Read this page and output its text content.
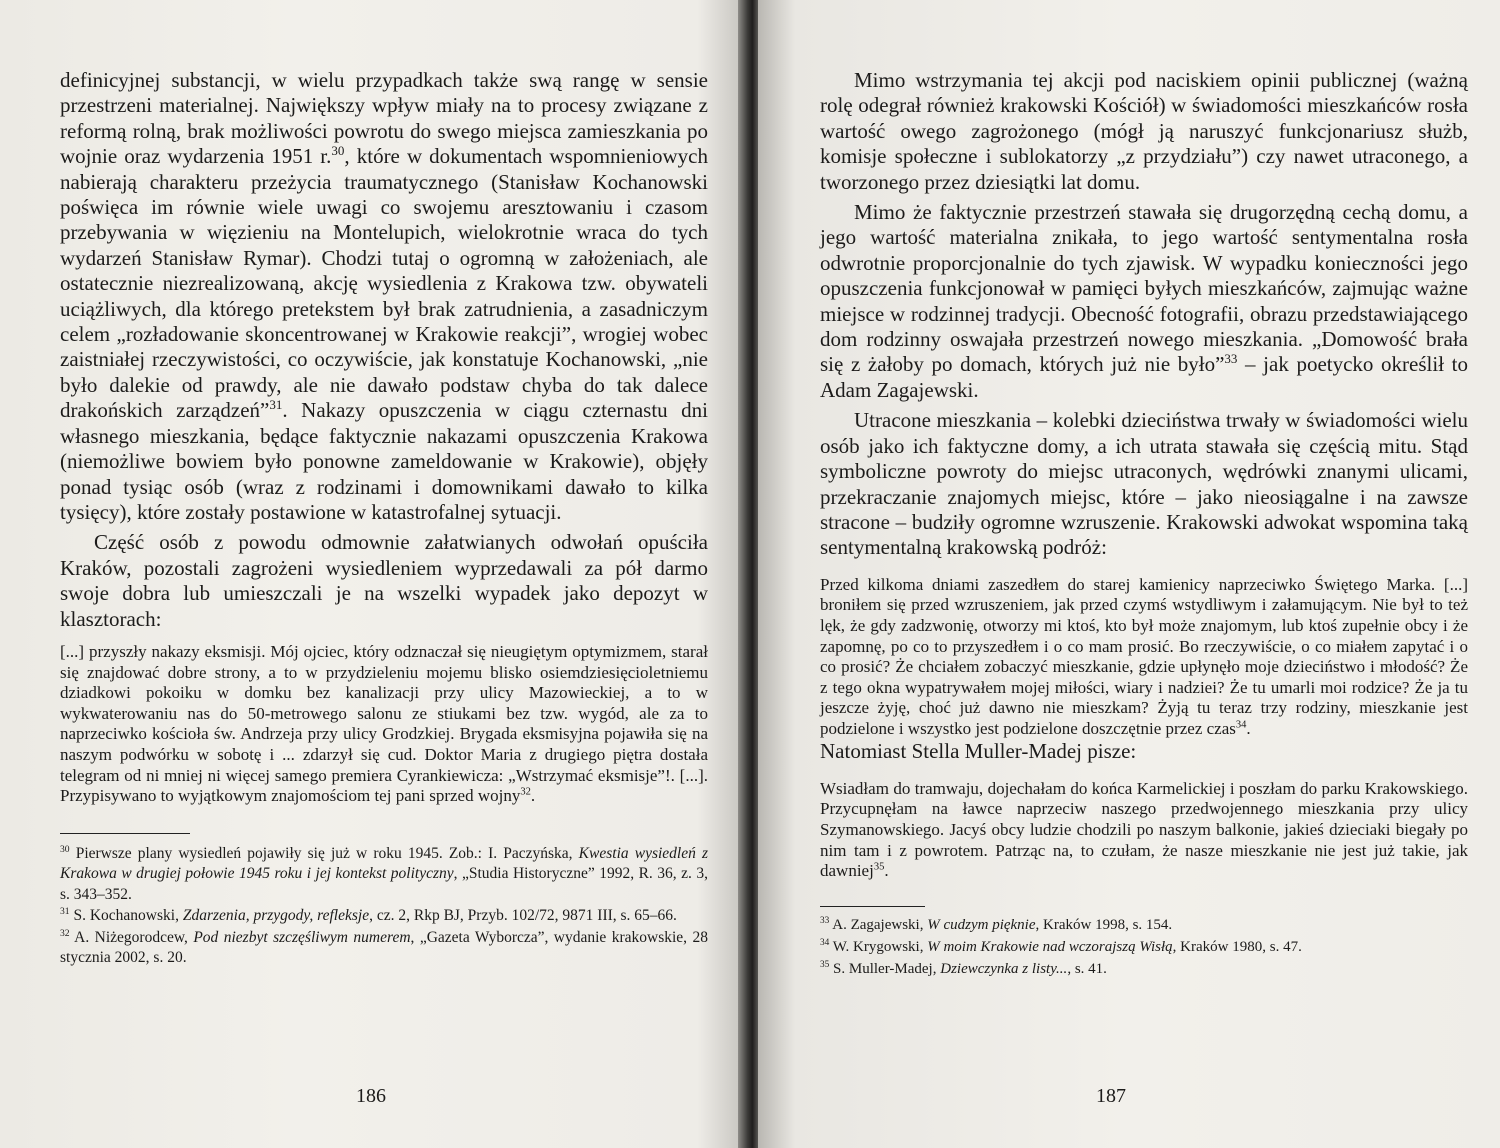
definicyjnej substancji, w wielu przypadkach także swą rangę w sensie przestrzeni materialnej. Największy wpływ miały na to procesy związane z reformą rolną, brak możliwości powrotu do swego miejsca zamieszkania po wojnie oraz wydarzenia 1951 r.$^{30}$, które w dokumentach wspomnieniowych nabierają charakteru przeżycia traumatycznego (Stanisław Kochanowski poświęca im równie wiele uwagi co swojemu aresztowaniu i czasom przebywania w więzieniu na Montelupich, wielokrotnie wraca do tych wydarzeń Stanisław Rymar). Chodzi tutaj o ogromną w założeniach, ale ostatecznie niezrealizowaną, akcję wysiedlenia z Krakowa tzw. obywateli uciążliwych, dla którego pretekstem był brak zatrudnienia, a zasadniczym celem „rozładowanie skoncentrowanej w Krakowie reakcji”, wrogiej wobec zaistniałej rzeczywistości, co oczywiście, jak konstatuje Kochanowski, „nie było dalekie od prawdy, ale nie dawało podstaw chyba do tak dalece drakońskich zarządzeń”$^{31}$. Nakazy opuszczenia w ciągu czternastu dni własnego mieszkania, będące faktycznie nakazami opuszczenia Krakowa (niemożliwe bowiem było ponowne zameldowanie w Krakowie), objęły ponad tysiąc osób (wraz z rodzinami i domownikami dawało to kilka tysięcy), które zostały postawione w katastrofalnej sytuacji.

Część osób z powodu odmownie załatwianych odwołań opuściła Kraków, pozostali zagrożeni wysiedleniem wyprzedawali za pół darmo swoje dobra lub umieszczali je na wszelki wypadek jako depozyt w klasztorach:

[...] przyszły nakazy eksmisji. Mój ojciec, który odznaczał się nieugiętym optymizmem, starał się znajdować dobre strony, a to w przydzieleniu mojemu blisko osiemdziesięcioletniemu dziadkowi pokoiku w domku bez kanalizacji przy ulicy Mazowieckiej, a to w wykwaterowaniu nas do 50-metrowego salonu ze stiukami bez tzw. wygód, ale za to naprzeciwko kościoła św. Andrzeja przy ulicy Grodzkiej. Brygada eksmisyjna pojawiła się na naszym podwórku w sobotę i ... zdarzył się cud. Doktor Maria z drugiego piętra dostała telegram od ni mniej ni więcej samego premiera Cyrankiewicza: „Wstrzymać eksmisje”!. [...]. Przypisywano to wyjątkowym znajomościom tej pani sprzed wojny$^{32}$.

$^{30}$ Pierwsze plany wysiedleń pojawiły się już w roku 1945. Zob.: I. Paczyńska, Kwestia wysiedleń z Krakowa w drugiej połowie 1945 roku i jej kontekst polityczny, „Studia Historyczne” 1992, R. 36, z. 3, s. 343–352.

$^{31}$ S. Kochanowski, Zdarzenia, przygody, refleksje, cz. 2, Rkp BJ, Przyb. 102/72, 9871 III, s. 65–66.

$^{32}$ A. Niżegorodcew, Pod niezbyt szczęśliwym numerem, „Gazeta Wyborcza”, wydanie krakowskie, 28 stycznia 2002, s. 20.

186

Mimo wstrzymania tej akcji pod naciskiem opinii publicznej (ważną rolę odegrał również krakowski Kościół) w świadomości mieszkańców rosła wartość owego zagrożonego (mógł ją naruszyć funkcjonariusz służb, komisje społeczne i sublokatorzy „z przydziału”) czy nawet utraconego, a tworzonego przez dziesiątki lat domu.

Mimo że faktycznie przestrzeń stawała się drugorzędną cechą domu, a jego wartość materialna znikała, to jego wartość sentymentalna rosła odwrotnie proporcjonalnie do tych zjawisk. W wypadku konieczności jego opuszczenia funkcjonował w pamięci byłych mieszkańców, zajmując ważne miejsce w rodzinnej tradycji. Obecność fotografii, obrazu przedstawiającego dom rodzinny oswajała przestrzeń nowego mieszkania. „Domowość brała się z żałoby po domach, których już nie było”$^{33}$ – jak poetycko określił to Adam Zagajewski.

Utracone mieszkania – kolebki dzieciństwa trwały w świadomości wielu osób jako ich faktyczne domy, a ich utrata stawała się częścią mitu. Stąd symboliczne powroty do miejsc utraconych, wędrówki znanymi ulicami, przekraczanie znajomych miejsc, które – jako nieosiągalne i na zawsze stracone – budziły ogromne wzruszenie. Krakowski adwokat wspomina taką sentymentalną krakowską podróż:

Przed kilkoma dniami zaszedłem do starej kamienicy naprzeciwko Świętego Marka. [...] broniłem się przed wzruszeniem, jak przed czymś wstydliwym i załamującym. Nie był to też lęk, że gdy zadzwonię, otworzy mi ktoś, kto był może znajomym, lub ktoś zupełnie obcy i że zapomnę, po co to przyszedłem i o co mam prosić. Bo rzeczywiście, o co miałem zapytać i o co prosić? Że chciałem zobaczyć mieszkanie, gdzie upłynęło moje dzieciństwo i młodość? Że z tego okna wypatrywałem mojej miłości, wiary i nadziei? Że tu umarli moi rodzice? Że ja tu jeszcze żyję, choć już dawno nie mieszkam? Żyją tu teraz trzy rodziny, mieszkanie jest podzielone i wszystko jest podzielone doszczętnie przez czas$^{34}$.

Natomiast Stella Muller-Madej pisze:

Wsiadłam do tramwaju, dojechałam do końca Karmelickiej i poszłam do parku Krakowskiego. Przycupnęłam na ławce naprzeciw naszego przedwojennego mieszkania przy ulicy Szymanowskiego. Jacyś obcy ludzie chodzili po naszym balkonie, jakieś dzieciaki biegały po nim tam i z powrotem. Patrząc na, to czułam, że nasze mieszkanie nie jest już takie, jak dawniej$^{35}$.

$^{33}$ A. Zagajewski, W cudzym pięknie, Kraków 1998, s. 154.

$^{34}$ W. Krygowski, W moim Krakowie nad wczorajszą Wisłą, Kraków 1980, s. 47.

$^{35}$ S. Muller-Madej, Dziewczynka z listy..., s. 41.

187
